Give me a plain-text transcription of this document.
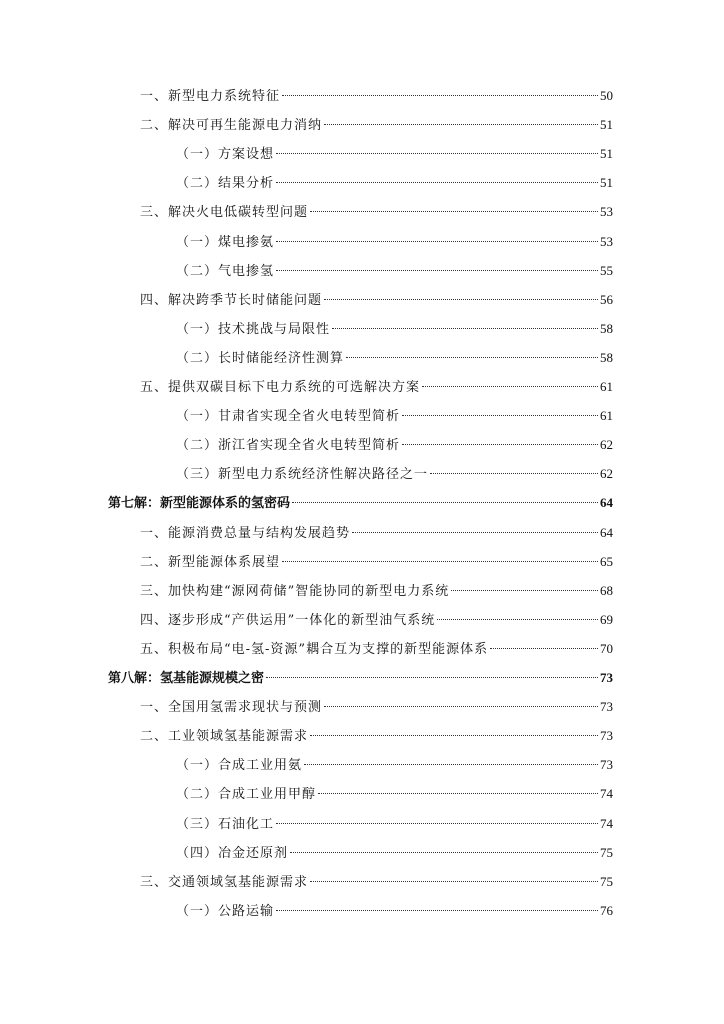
一、新型电力系统特征	50
二、解决可再生能源电力消纳	51
（一）方案设想	51
（二）结果分析	51
三、解决火电低碳转型问题	53
（一）煤电掺氨	53
（二）气电掺氢	55
四、解决跨季节长时储能问题	56
（一）技术挑战与局限性	58
（二）长时储能经济性测算	58
五、提供双碳目标下电力系统的可选解决方案	61
（一）甘肃省实现全省火电转型简析	61
（二）浙江省实现全省火电转型简析	62
（三）新型电力系统经济性解决路径之一	62
第七解：新型能源体系的氢密码	64
一、能源消费总量与结构发展趋势	64
二、新型能源体系展望	65
三、加快构建“源网荷储”智能协同的新型电力系统	68
四、逐步形成“产供运用”一体化的新型油气系统	69
五、积极布局“电-氢-资源”耦合互为支撑的新型能源体系	70
第八解：氢基能源规模之密	73
一、全国用氢需求现状与预测	73
二、工业领域氢基能源需求	73
（一）合成工业用氨	73
（二）合成工业用甲醇	74
（三）石油化工	74
（四）冶金还原剂	75
三、交通领域氢基能源需求	75
（一）公路运输	76
